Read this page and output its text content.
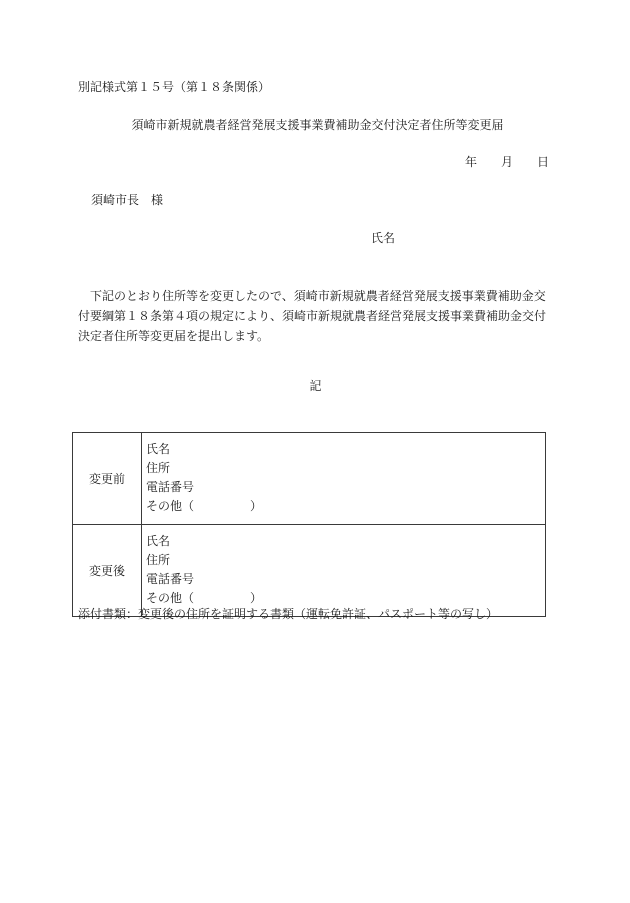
別記様式第１５号（第１８条関係）
須崎市新規就農者経営発展支援事業費補助金交付決定者住所等変更届
年 月 日
須崎市長　様
氏名
下記のとおり住所等を変更したので、須崎市新規就農者経営発展支援事業費補助金交付要綱第１８条第４項の規定により、須崎市新規就農者経営発展支援事業費補助金交付決定者住所等変更届を提出します。
記
変更前	氏名
住所
電話番号
その他（ ）

変更後	氏名
住所
電話番号
その他（ ）
添付書類：変更後の住所を証明する書類（運転免許証、パスポート等の写し）
